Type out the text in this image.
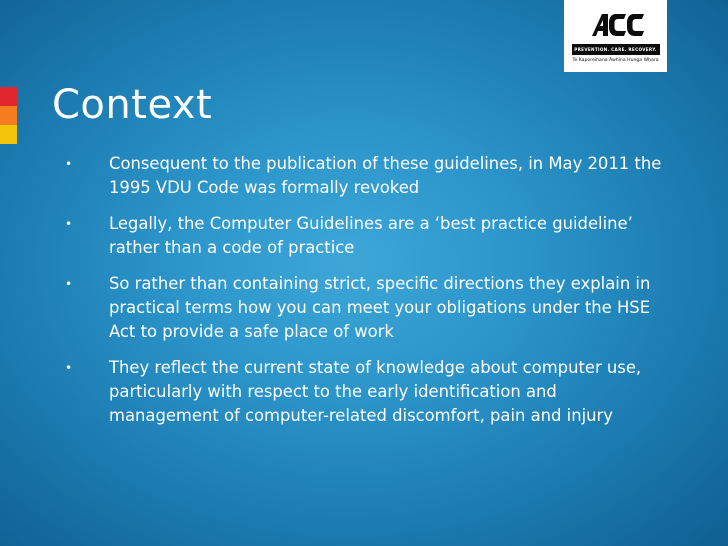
PREVENTION. CARE. RECOVERY.
Te Kaporeihana Āwhina Hunga Whara
Context
•	Consequent to the publication of these guidelines, in May 2011 the 1995 VDU Code was formally revoked
•	Legally, the Computer Guidelines are a ‘best practice guideline’ rather than a code of practice
•	So rather than containing strict, specific directions they explain in practical terms how you can meet your obligations under the HSE Act to provide a safe place of work
•	They reflect the current state of knowledge about computer use, particularly with respect to the early identification and management of computer-related discomfort, pain and injury
